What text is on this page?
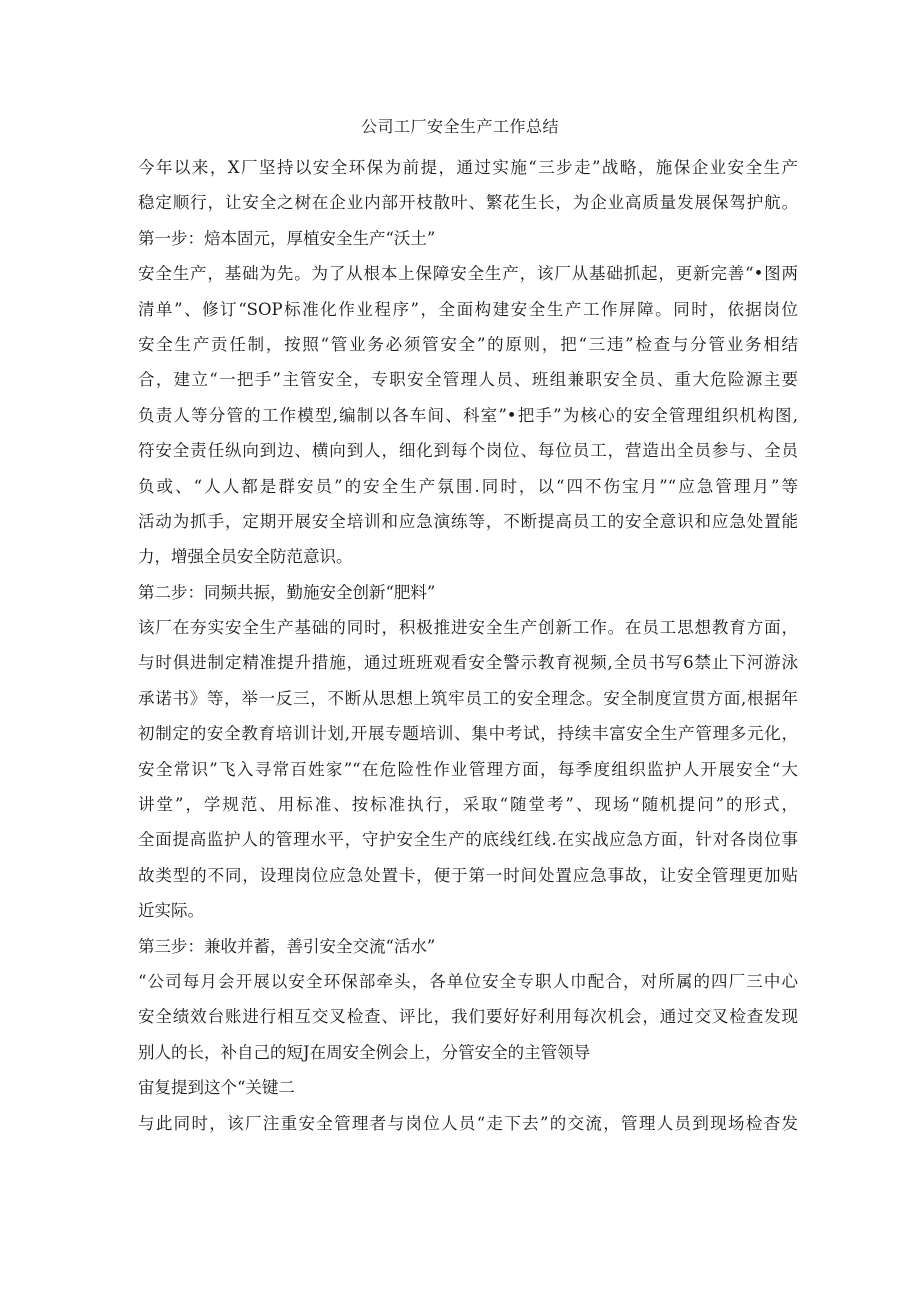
公司工厂安全生产工作总结
今年以来，X厂坚持以安全环保为前提，通过实施“三步走”战略，施保企业安全生产
稳定顺行，让安全之树在企业内部开枝散叶、繁花生长，为企业高质量发展保驾护航。
第一步：焙本固元，厚植安全生产“沃土”
安全生产，基础为先。为了从根本上保障安全生产，该厂从基础抓起，更新完善“•图两
清单”、修订“SOP标准化作业程序”，全面构建安全生产工作屏障。同时，依据岗位
安全生产贡任制，按照“管业务必须管安全”的原则，把“三违”检查与分管业务相结
合，建立“一把手”主管安全，专职安全管理人员、班组兼职安全员、重大危险源主要
负责人等分管的工作模型,编制以各车间、科室”•把手”为核心的安全管理组织机构图,
符安全责任纵向到边、横向到人，细化到每个岗位、每位员工，营造出全员参与、全员
负或、“人人都是群安员”的安全生产氛围.同时，以“四不伤宝月”“应急管理月”等
活动为抓手，定期开展安全培训和应急演练等，不断提高员工的安全意识和应急处置能
力，增强全员安全防范意识。
第二步：同频共振，勤施安全创新“肥料”
该厂在夯实安全生产基础的同时，积极推进安全生产创新工作。在员工思想教育方面，
与时俱进制定精准提升措施，通过班班观看安全警示教育视频,全员书写6禁止下河游泳
承诺书》等，举一反三，不断从思想上筑牢员工的安全理念。安全制度宣贯方面,根据年
初制定的安全教育培训计划,开展专题培训、集中考试，持续丰富安全生产管理多元化，
安全常识”飞入寻常百姓家”“在危险性作业管理方面，每季度组织监护人开展安全“大
讲堂”，学规范、用标准、按标准执行，采取“随堂考”、现场“随机提问”的形式，
全面提高监护人的管理水平，守护安全生产的底线红线.在实战应急方面，针对各岗位事
故类型的不同，设理岗位应急处置卡，便于第一时间处置应急事故，让安全管理更加贴
近实际。
第三步：兼收并蓄，善引安全交流“活水”
“公司每月会开展以安全环保部牵头，各单位安全专职人巾配合，对所属的四厂三中心
安全绩效台账进行相互交叉检查、评比，我们要好好利用每次机会，通过交叉检查发现
别人的长，补自己的短J在周安全例会上，分管安全的主管领导
宙复提到这个“关键二
与此同时，该厂注重安全管理者与岗位人员“走下去”的交流，管理人员到现场检杳发
